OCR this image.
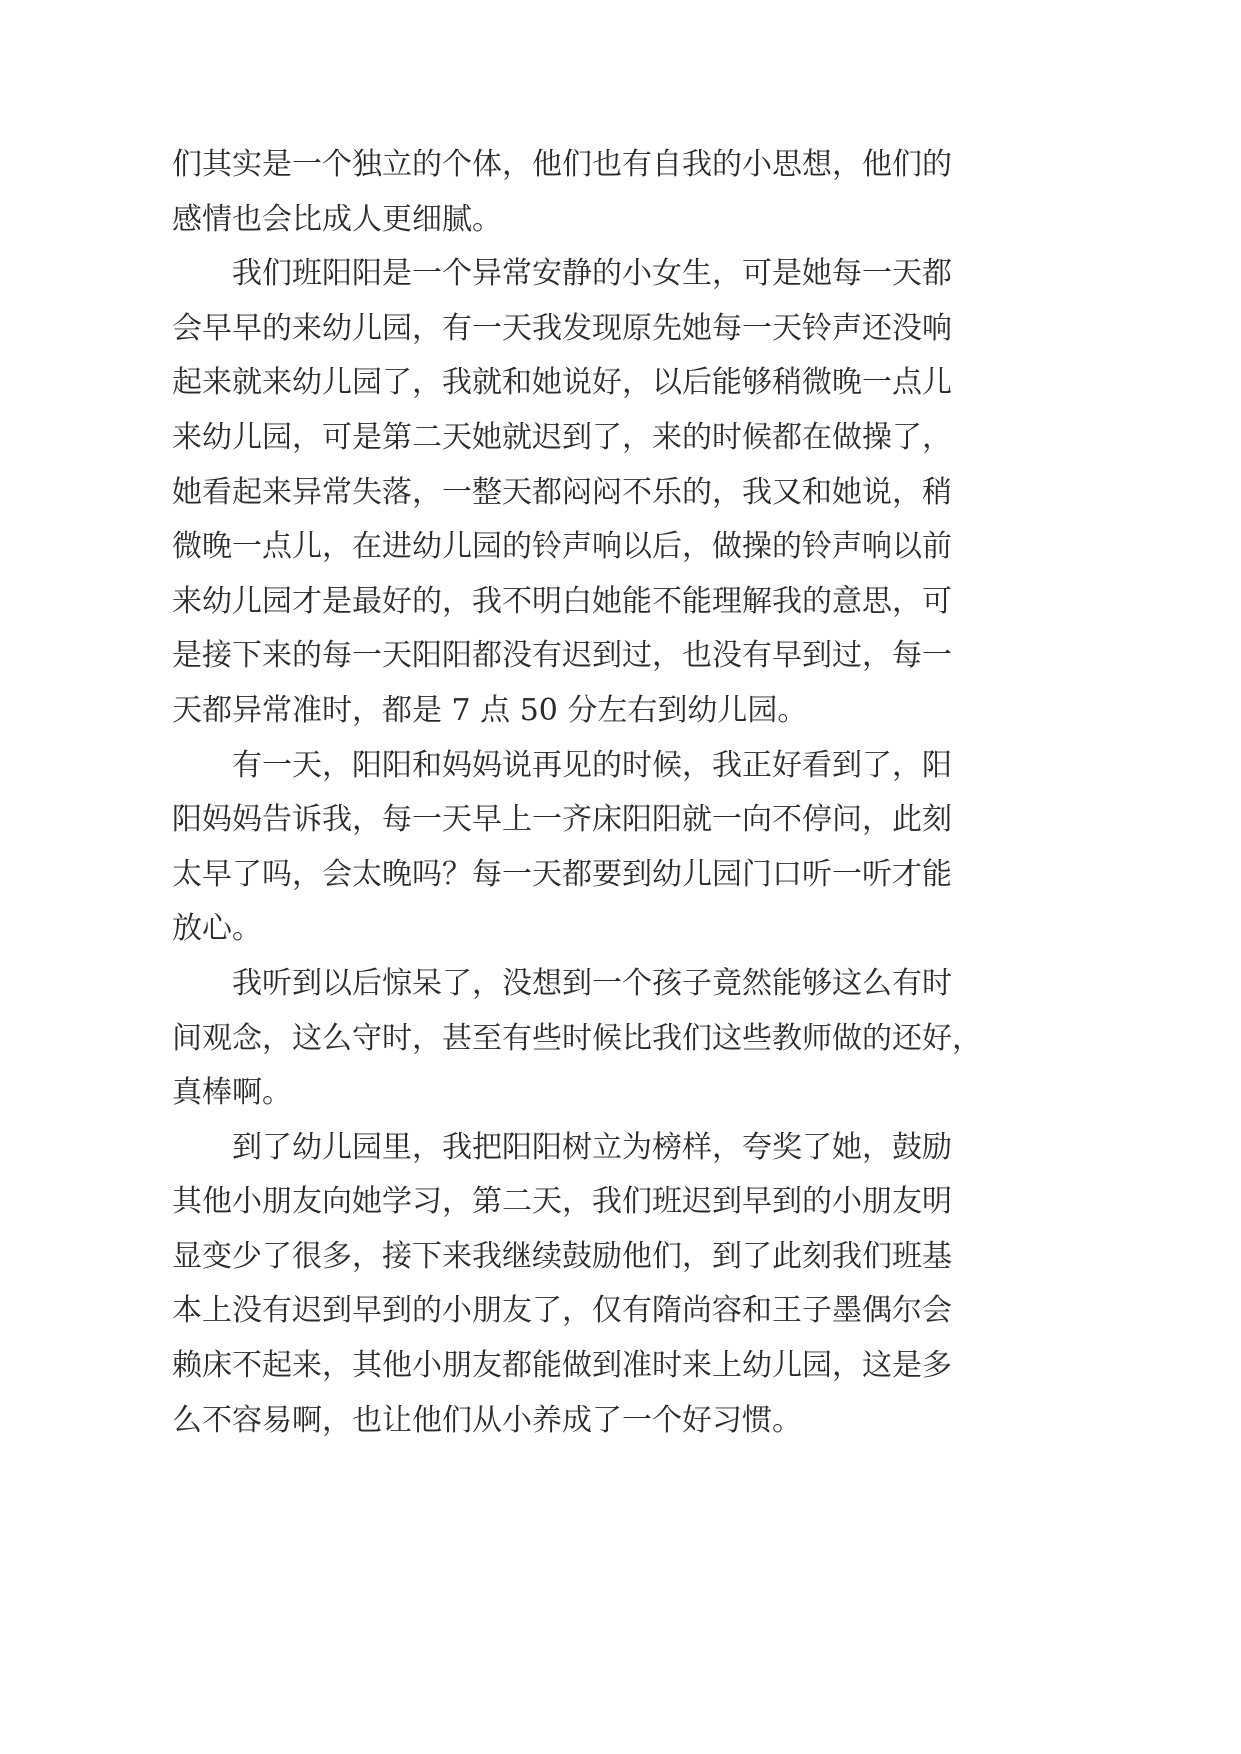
们其实是一个独立的个体，他们也有自我的小思想，他们的
感情也会比成人更细腻。
我们班阳阳是一个异常安静的小女生，可是她每一天都
会早早的来幼儿园，有一天我发现原先她每一天铃声还没响
起来就来幼儿园了，我就和她说好，以后能够稍微晚一点儿
来幼儿园，可是第二天她就迟到了，来的时候都在做操了，
她看起来异常失落，一整天都闷闷不乐的，我又和她说，稍
微晚一点儿，在进幼儿园的铃声响以后，做操的铃声响以前
来幼儿园才是最好的，我不明白她能不能理解我的意思，可
是接下来的每一天阳阳都没有迟到过，也没有早到过，每一
天都异常准时，都是 7 点 50 分左右到幼儿园。
有一天，阳阳和妈妈说再见的时候，我正好看到了，阳
阳妈妈告诉我，每一天早上一齐床阳阳就一向不停问，此刻
太早了吗，会太晚吗？每一天都要到幼儿园门口听一听才能
放心。
我听到以后惊呆了，没想到一个孩子竟然能够这么有时
间观念，这么守时，甚至有些时候比我们这些教师做的还好，
真棒啊。
到了幼儿园里，我把阳阳树立为榜样，夸奖了她，鼓励
其他小朋友向她学习，第二天，我们班迟到早到的小朋友明
显变少了很多，接下来我继续鼓励他们，到了此刻我们班基
本上没有迟到早到的小朋友了，仅有隋尚容和王子墨偶尔会
赖床不起来，其他小朋友都能做到准时来上幼儿园，这是多
么不容易啊，也让他们从小养成了一个好习惯。
